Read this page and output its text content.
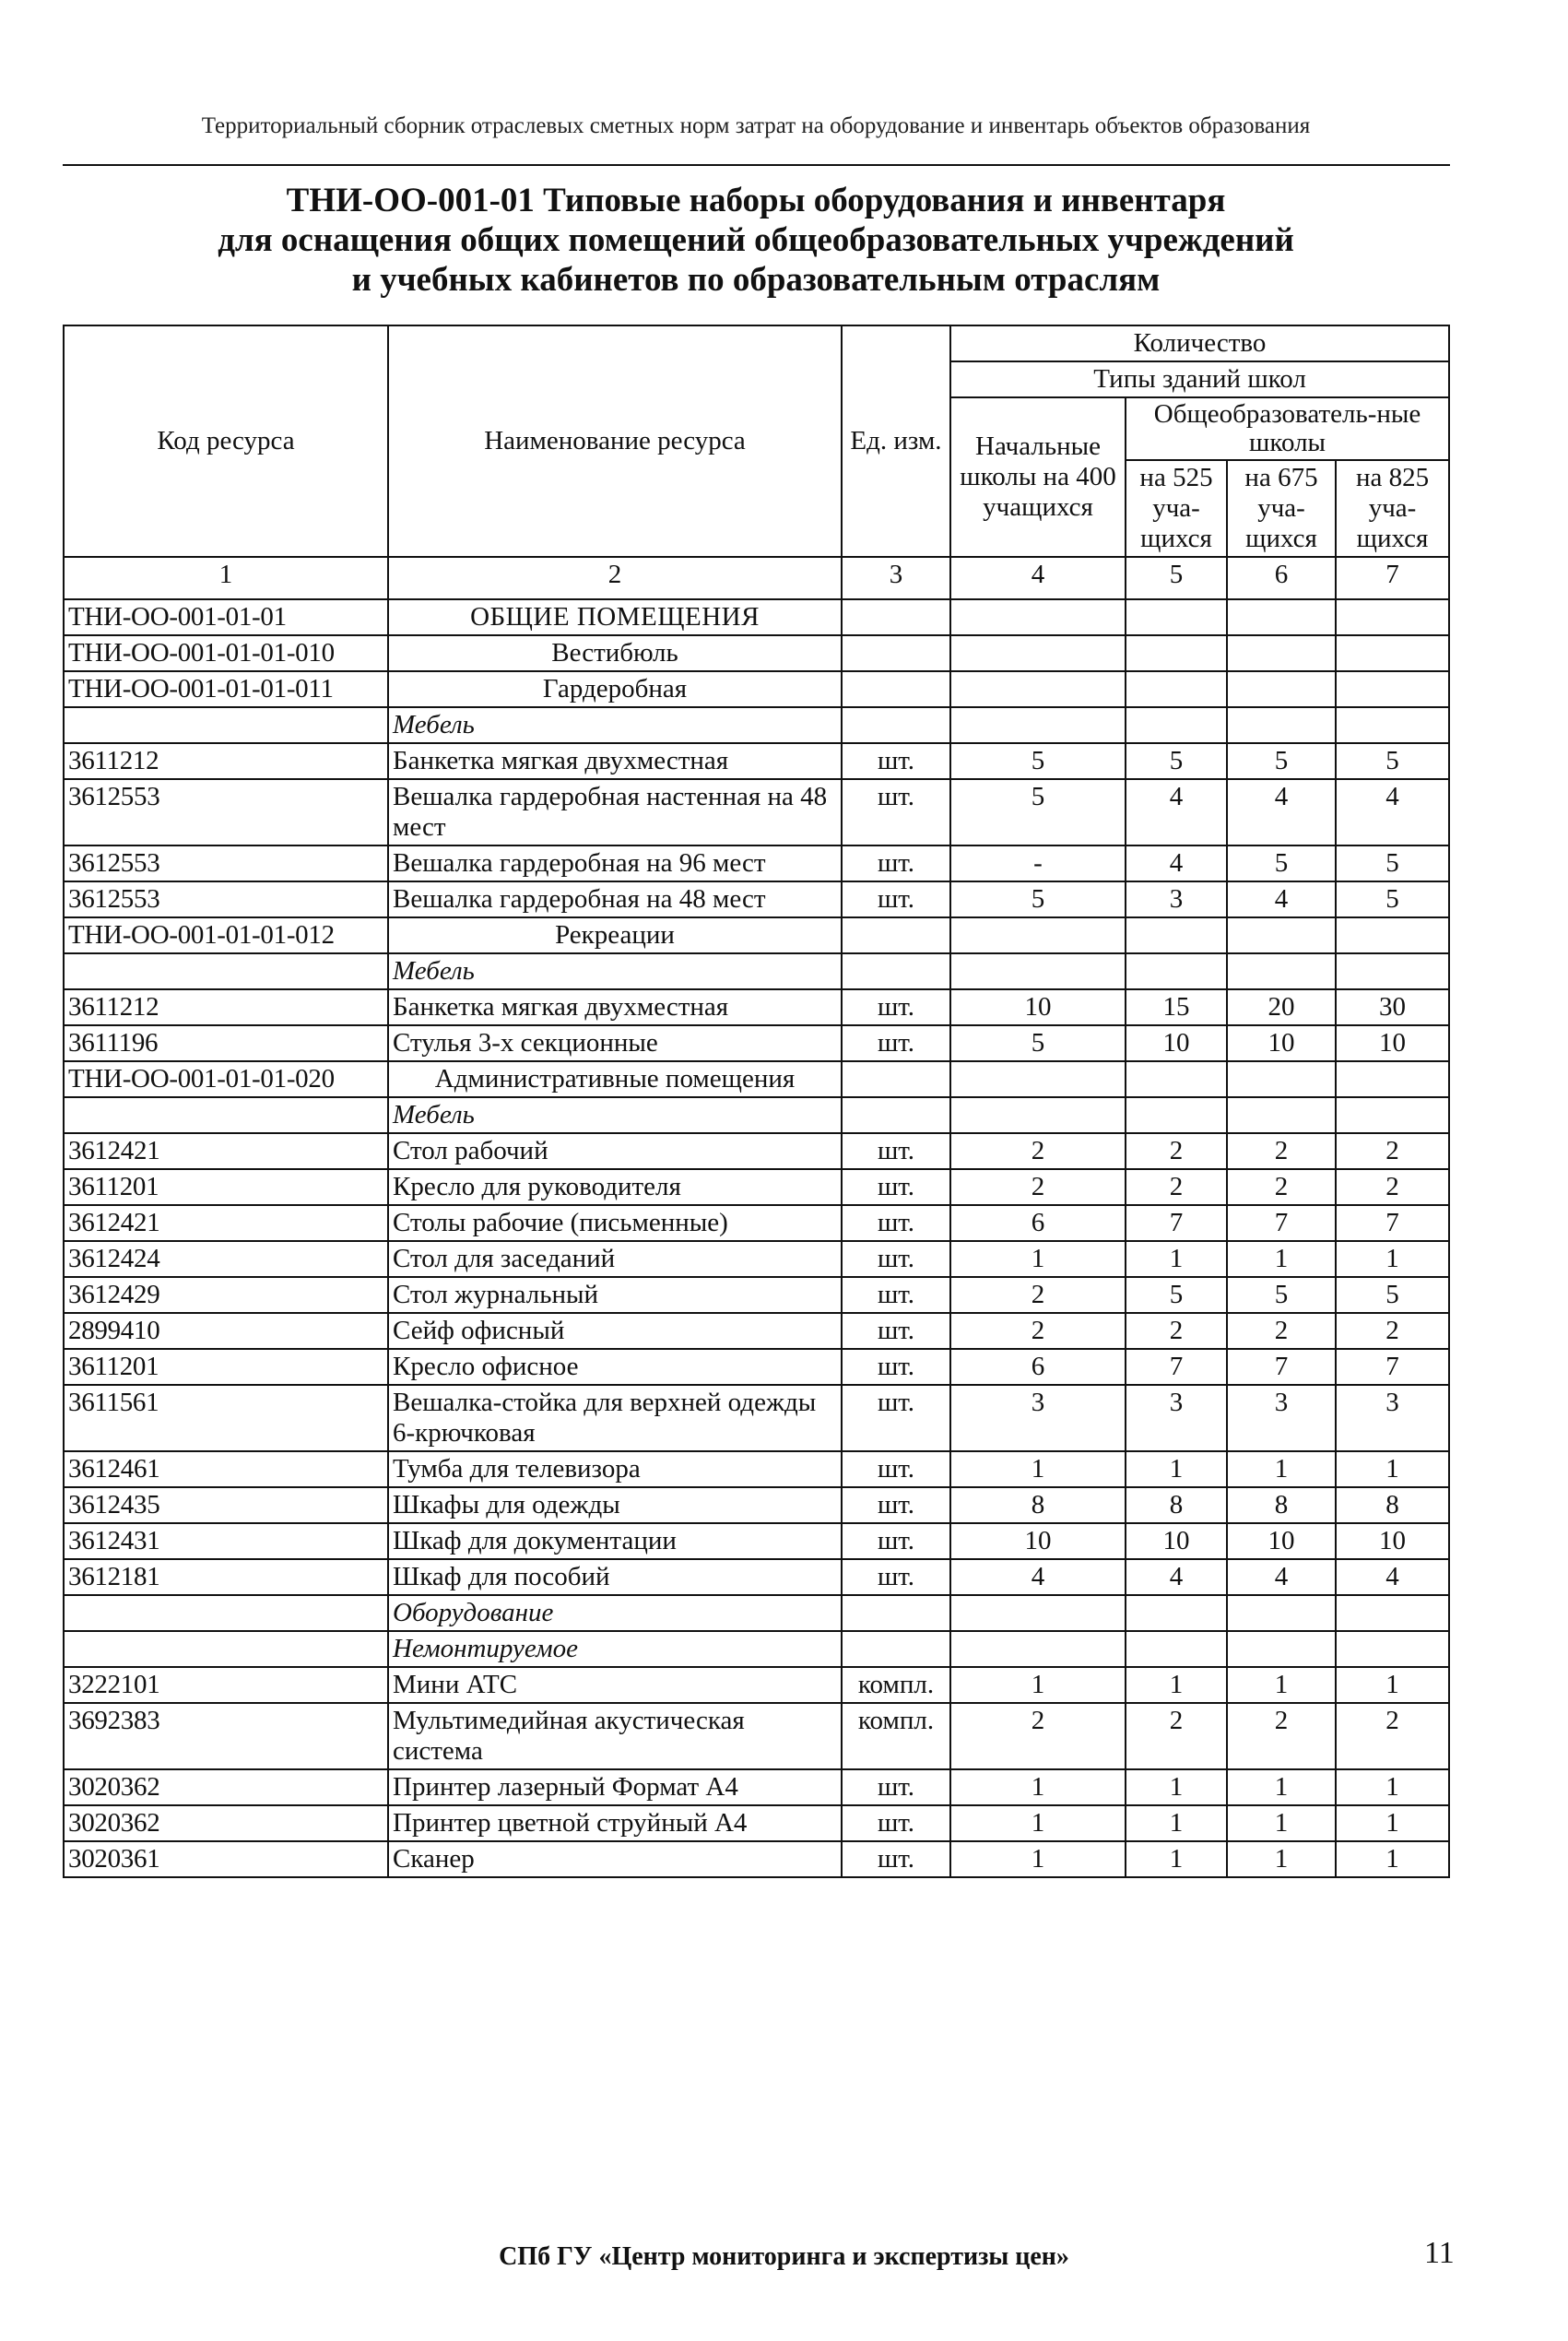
Территориальный сборник отраслевых сметных норм затрат на оборудование и инвентарь объектов образования
ТНИ-ОО-001-01 Типовые наборы оборудования и инвентаря
для оснащения общих помещений общеобразовательных учреждений
и учебных кабинетов по образовательным отраслям
Код ресурса	Наименование ресурса	Ед. изм.	Количество			
			Типы зданий школ			
			Начальные школы на 400 учащихся	Общеобразователь-ные школы		
				на 525 уча-щихся	на 675 уча-щихся	на 825 уча-щихся
1	2	3	4	5	6	7
ТНИ-ОО-001-01-01	ОБЩИЕ ПОМЕЩЕНИЯ					
ТНИ-ОО-001-01-01-010	Вестибюль					
ТНИ-ОО-001-01-01-011	Гардеробная					
	Мебель					
3611212	Банкетка мягкая двухместная	шт.	5	5	5	5
3612553	Вешалка гардеробная настенная на 48 мест	шт.	5	4	4	4
3612553	Вешалка гардеробная на 96 мест	шт.	-	4	5	5
3612553	Вешалка гардеробная на 48 мест	шт.	5	3	4	5
ТНИ-ОО-001-01-01-012	Рекреации					
	Мебель					
3611212	Банкетка мягкая двухместная	шт.	10	15	20	30
3611196	Стулья 3-х секционные	шт.	5	10	10	10
ТНИ-ОО-001-01-01-020	Административные помещения					
	Мебель					
3612421	Стол рабочий	шт.	2	2	2	2
3611201	Кресло для руководителя	шт.	2	2	2	2
3612421	Столы рабочие (письменные)	шт.	6	7	7	7
3612424	Стол для заседаний	шт.	1	1	1	1
3612429	Стол журнальный	шт.	2	5	5	5
2899410	Сейф офисный	шт.	2	2	2	2
3611201	Кресло офисное	шт.	6	7	7	7
3611561	Вешалка-стойка для верхней одежды 6-крючковая	шт.	3	3	3	3
3612461	Тумба для телевизора	шт.	1	1	1	1
3612435	Шкафы для одежды	шт.	8	8	8	8
3612431	Шкаф для документации	шт.	10	10	10	10
3612181	Шкаф для пособий	шт.	4	4	4	4
	Оборудование					
	Немонтируемое					
3222101	Мини АТС	компл.	1	1	1	1
3692383	Мультимедийная акустическая система	компл.	2	2	2	2
3020362	Принтер лазерный Формат А4	шт.	1	1	1	1
3020362	Принтер цветной струйный А4	шт.	1	1	1	1
3020361	Сканер	шт.	1	1	1	1
СПб ГУ «Центр мониторинга и экспертизы цен»	11
